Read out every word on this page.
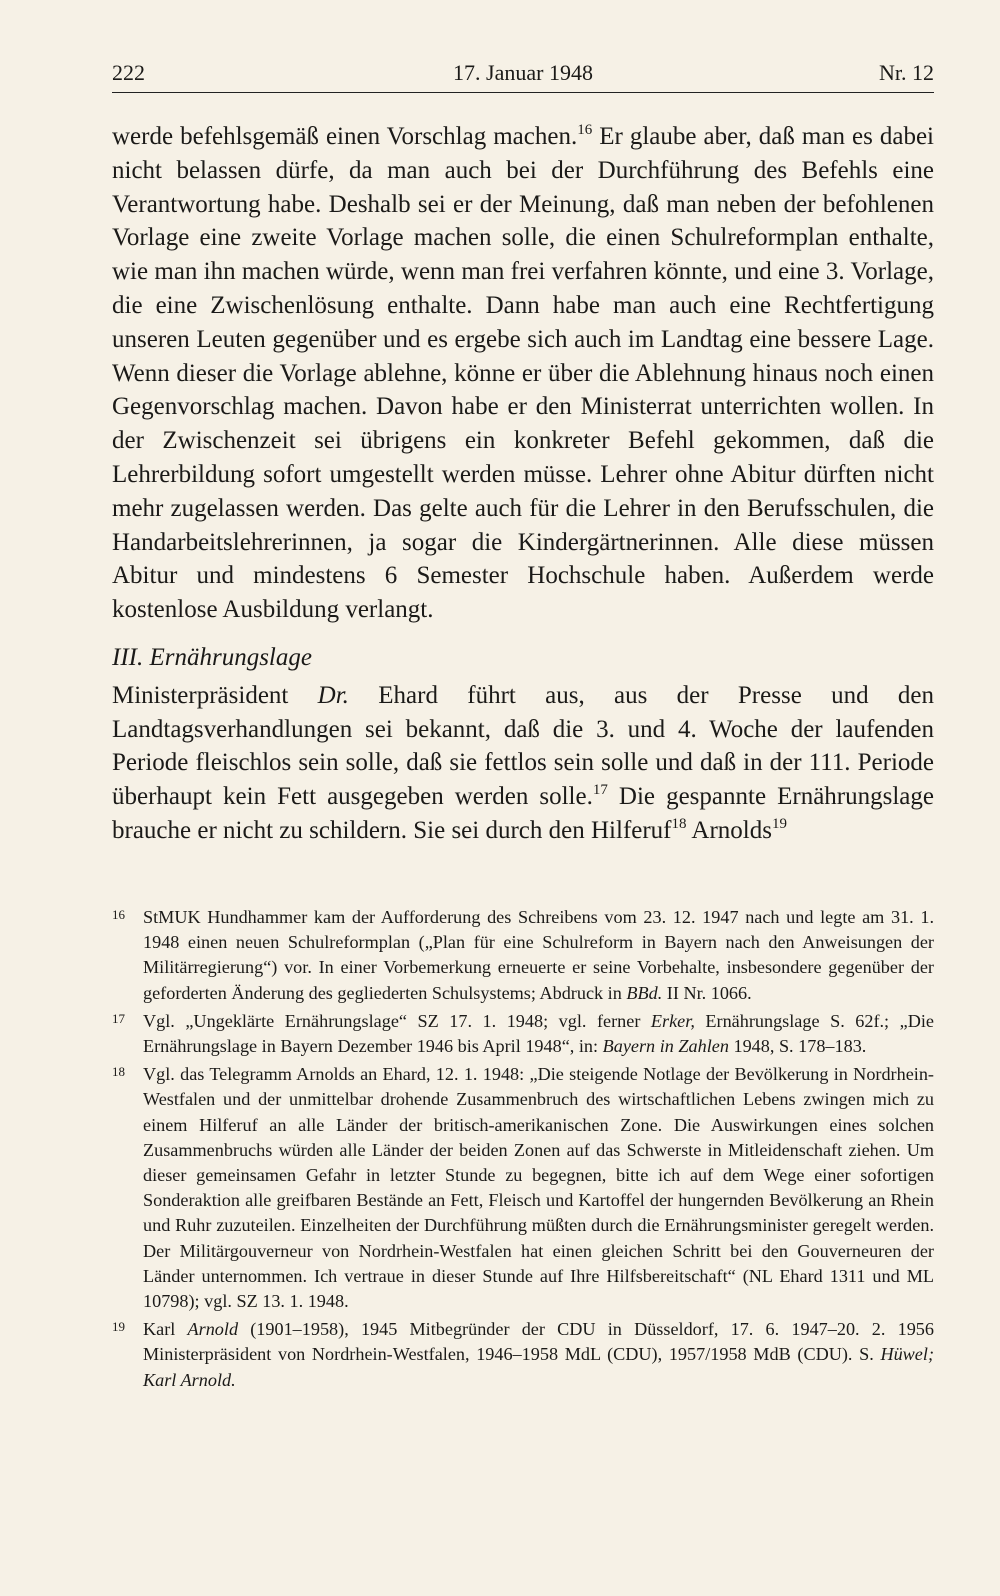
222	17. Januar 1948	Nr. 12

werde befehlsgemäß einen Vorschlag machen.$^{16}$ Er glaube aber, daß man es dabei nicht belassen dürfe, da man auch bei der Durchführung des Befehls eine Verantwortung habe. Deshalb sei er der Meinung, daß man neben der befohlenen Vorlage eine zweite Vorlage machen solle, die einen Schulreformplan enthalte, wie man ihn machen würde, wenn man frei verfahren könnte, und eine 3. Vorlage, die eine Zwischenlösung enthalte. Dann habe man auch eine Rechtfertigung unseren Leuten gegenüber und es ergebe sich auch im Landtag eine bessere Lage. Wenn dieser die Vorlage ablehne, könne er über die Ablehnung hinaus noch einen Gegenvorschlag machen. Davon habe er den Ministerrat unterrichten wollen. In der Zwischenzeit sei übrigens ein konkreter Befehl gekommen, daß die Lehrerbildung sofort umgestellt werden müsse. Lehrer ohne Abitur dürften nicht mehr zugelassen werden. Das gelte auch für die Lehrer in den Berufsschulen, die Handarbeitslehrerinnen, ja sogar die Kindergärtnerinnen. Alle diese müssen Abitur und mindestens 6 Semester Hochschule haben. Außerdem werde kostenlose Ausbildung verlangt.

III. Ernährungslage

Ministerpräsident Dr. Ehard führt aus, aus der Presse und den Landtagsverhandlungen sei bekannt, daß die 3. und 4. Woche der laufenden Periode fleischlos sein solle, daß sie fettlos sein solle und daß in der 111. Periode überhaupt kein Fett ausgegeben werden solle.$^{17}$ Die gespannte Ernährungslage brauche er nicht zu schildern. Sie sei durch den Hilferuf$^{18}$ Arnolds$^{19}$

16 StMUK Hundhammer kam der Aufforderung des Schreibens vom 23. 12. 1947 nach und legte am 31. 1. 1948 einen neuen Schulreformplan („Plan für eine Schulreform in Bayern nach den Anweisungen der Militärregierung“) vor. In einer Vorbemerkung erneuerte er seine Vorbehalte, insbesondere gegenüber der geforderten Änderung des gegliederten Schulsystems; Abdruck in BBd. II Nr. 1066.

17 Vgl. „Ungeklärte Ernährungslage“ SZ 17. 1. 1948; vgl. ferner Erker, Ernährungslage S. 62f.; „Die Ernährungslage in Bayern Dezember 1946 bis April 1948“, in: Bayern in Zahlen 1948, S. 178–183.

18 Vgl. das Telegramm Arnolds an Ehard, 12. 1. 1948: „Die steigende Notlage der Bevölkerung in Nordrhein-Westfalen und der unmittelbar drohende Zusammenbruch des wirtschaftlichen Lebens zwingen mich zu einem Hilferuf an alle Länder der britisch-amerikanischen Zone. Die Auswirkungen eines solchen Zusammenbruchs würden alle Länder der beiden Zonen auf das Schwerste in Mitleidenschaft ziehen. Um dieser gemeinsamen Gefahr in letzter Stunde zu begegnen, bitte ich auf dem Wege einer sofortigen Sonderaktion alle greifbaren Bestände an Fett, Fleisch und Kartoffel der hungernden Bevölkerung an Rhein und Ruhr zuzuteilen. Einzelheiten der Durchführung müßten durch die Ernährungsminister geregelt werden. Der Militärgouverneur von Nordrhein-Westfalen hat einen gleichen Schritt bei den Gouverneuren der Länder unternommen. Ich vertraue in dieser Stunde auf Ihre Hilfsbereitschaft“ (NL Ehard 1311 und ML 10798); vgl. SZ 13. 1. 1948.

19 Karl Arnold (1901–1958), 1945 Mitbegründer der CDU in Düsseldorf, 17. 6. 1947–20. 2. 1956 Ministerpräsident von Nordrhein-Westfalen, 1946–1958 MdL (CDU), 1957/1958 MdB (CDU). S. Hüwel; Karl Arnold.
